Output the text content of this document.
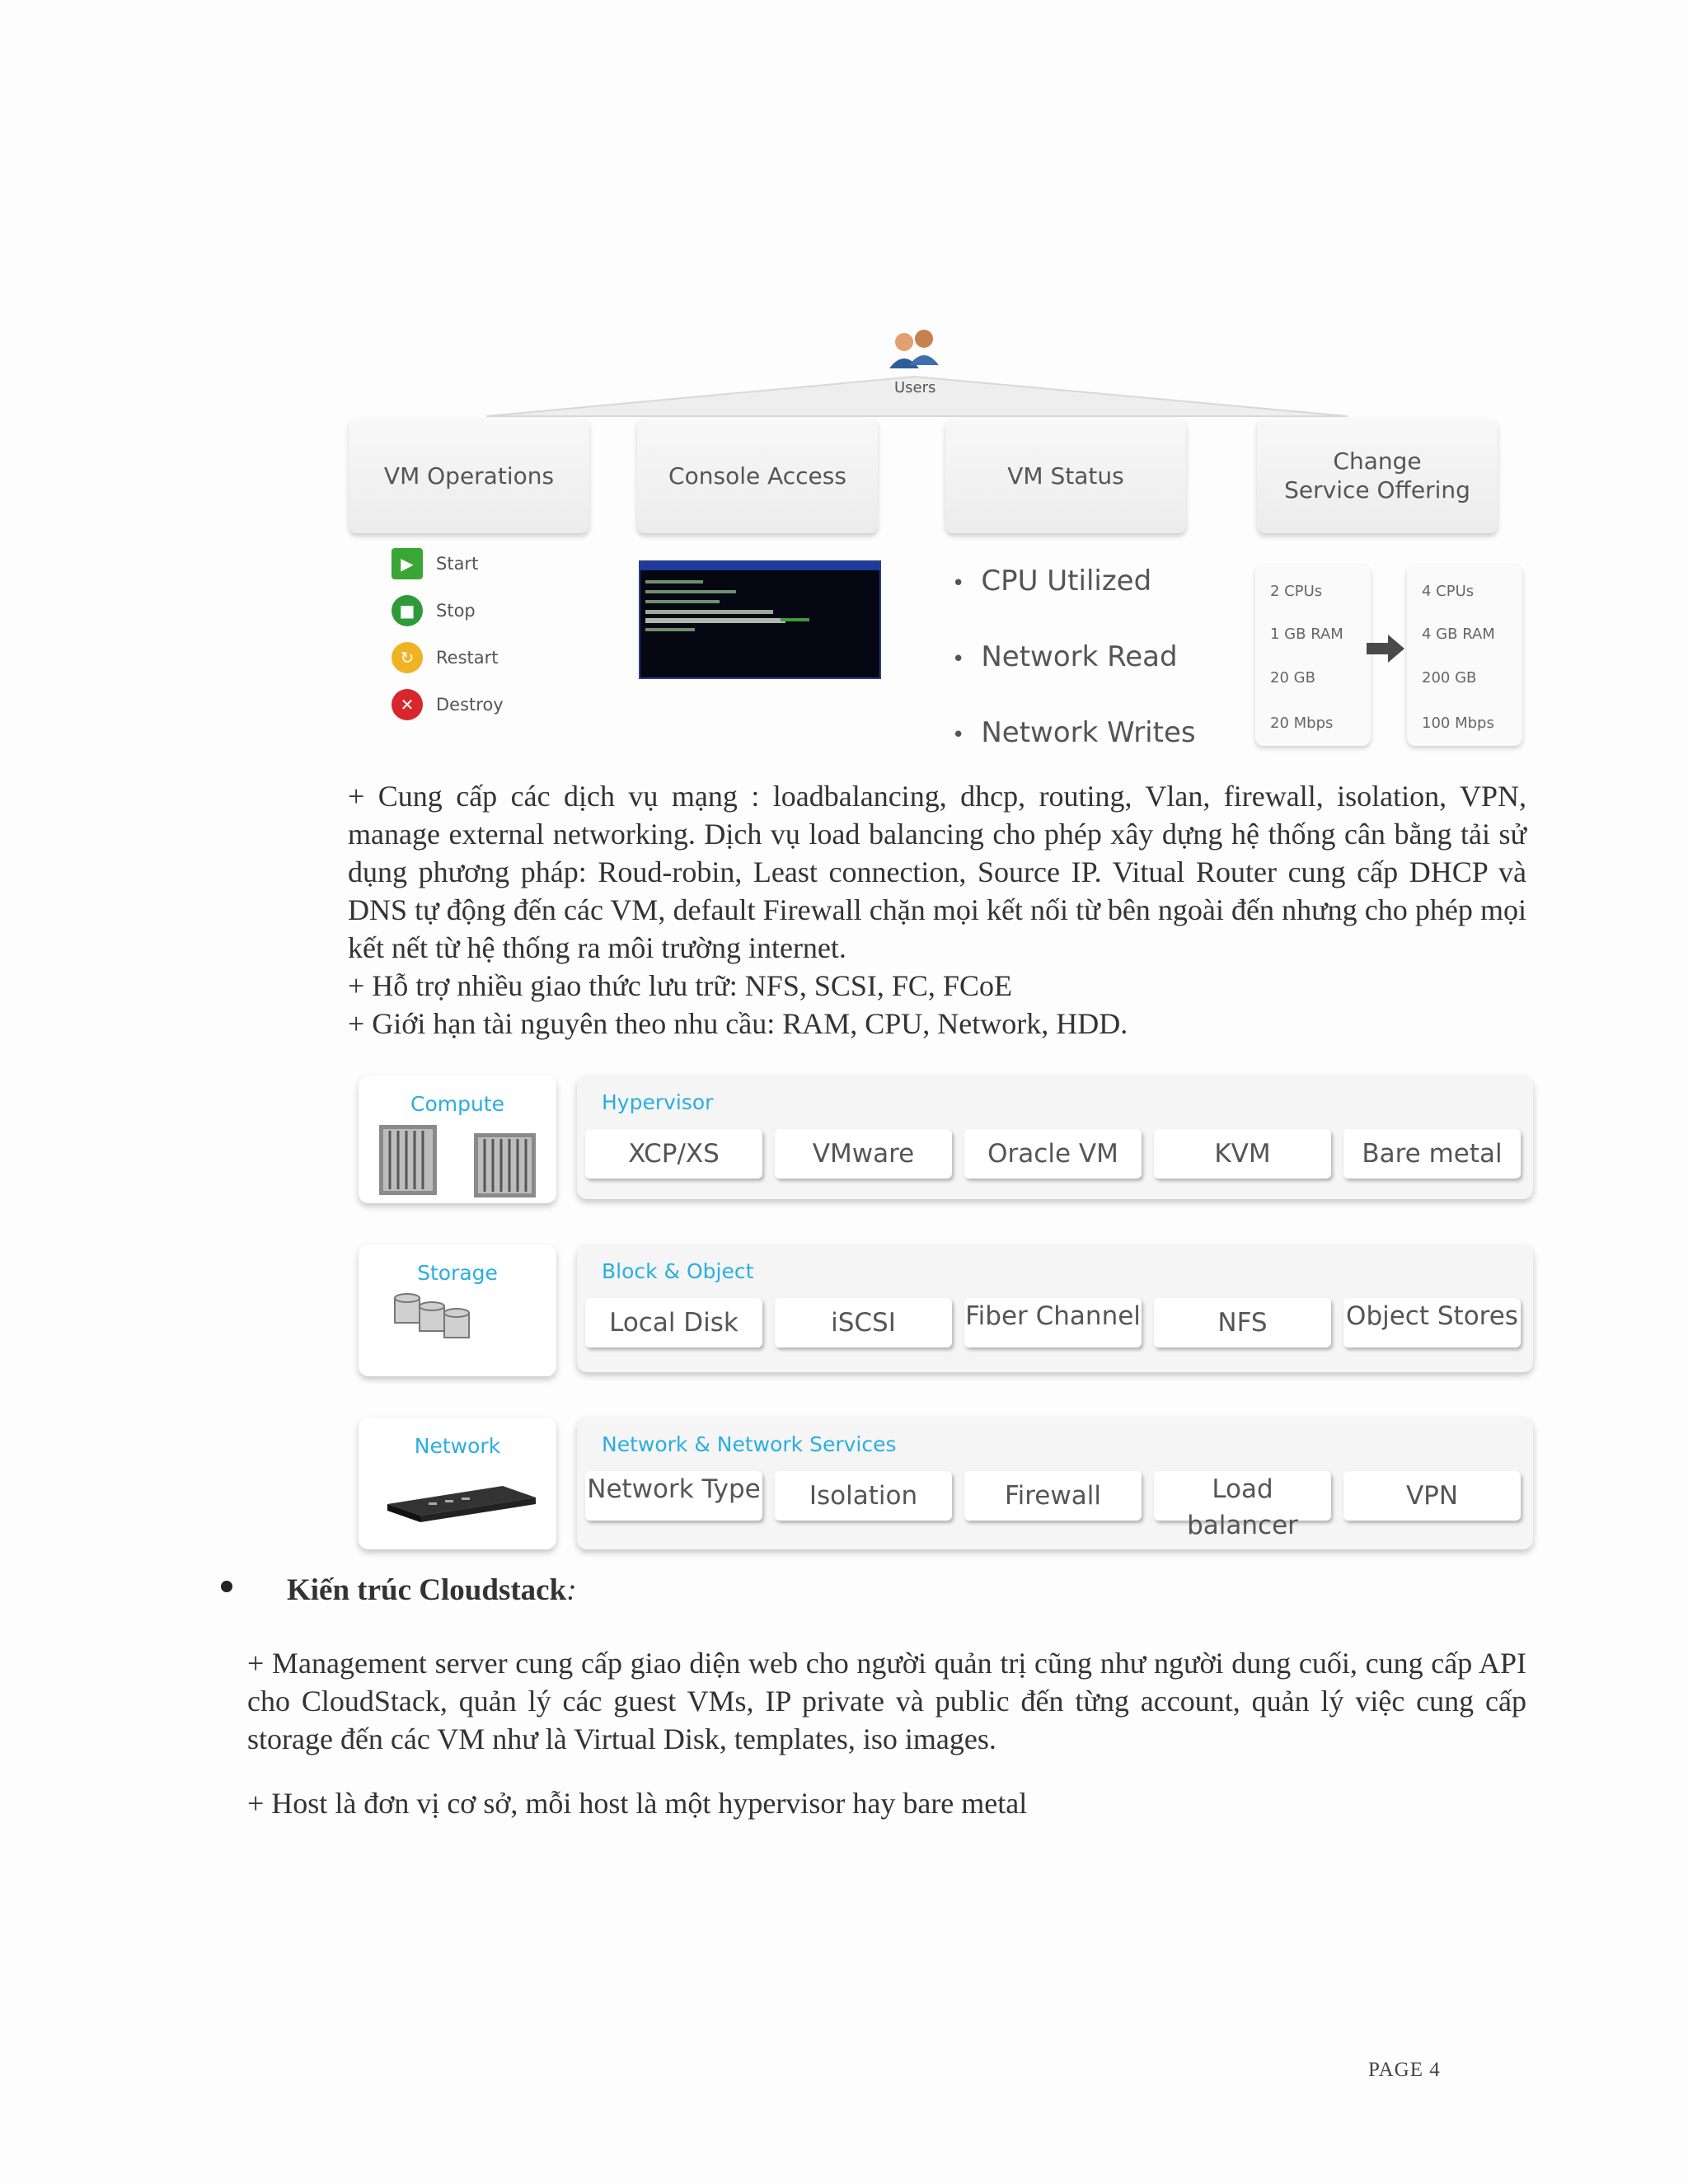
Users
VM Operations	Console Access	VM Status
Change
Service Offering
▶	Start
■	Stop
↻	Restart
✕	Destroy
• CPU Utilized
• Network Read
• Network Writes
2 CPUs
1 GB RAM
20 GB
20 Mbps
4 CPUs
4 GB RAM
200 GB
100 Mbps

+ Cung cấp các dịch vụ mạng : loadbalancing, dhcp, routing, Vlan, firewall, isolation, VPN, manage external networking. Dịch vụ load balancing cho phép xây dựng hệ thống cân bằng tải sử dụng phương pháp: Roud-robin, Least connection, Source IP. Vitual Router cung cấp DHCP và DNS tự động đến các VM, default Firewall chặn mọi kết nối từ bên ngoài đến nhưng cho phép mọi kết nết từ hệ thống ra môi trường internet.

+ Hỗ trợ nhiều giao thức lưu trữ: NFS, SCSI, FC, FCoE

+ Giới hạn tài nguyên theo nhu cầu: RAM, CPU, Network, HDD.

Compute	Hypervisor
XCP/XS	VMware	Oracle VM	KVM	Bare metal
Storage	Block & Object
Local Disk	iSCSI	Fiber Channel	NFS	Object Stores
Network	Network & Network Services
Network Type	Isolation	Firewall	Load balancer
VPN
Kiến trúc Cloudstack:

+ Management server cung cấp giao diện web cho người quản trị cũng như người dung cuối, cung cấp API cho CloudStack, quản lý các guest VMs, IP private và public đến từng account, quản lý việc cung cấp storage đến các VM như là Virtual Disk, templates, iso images.

+ Host là đơn vị cơ sở, mỗi host là một hypervisor hay bare metal

PAGE 4
